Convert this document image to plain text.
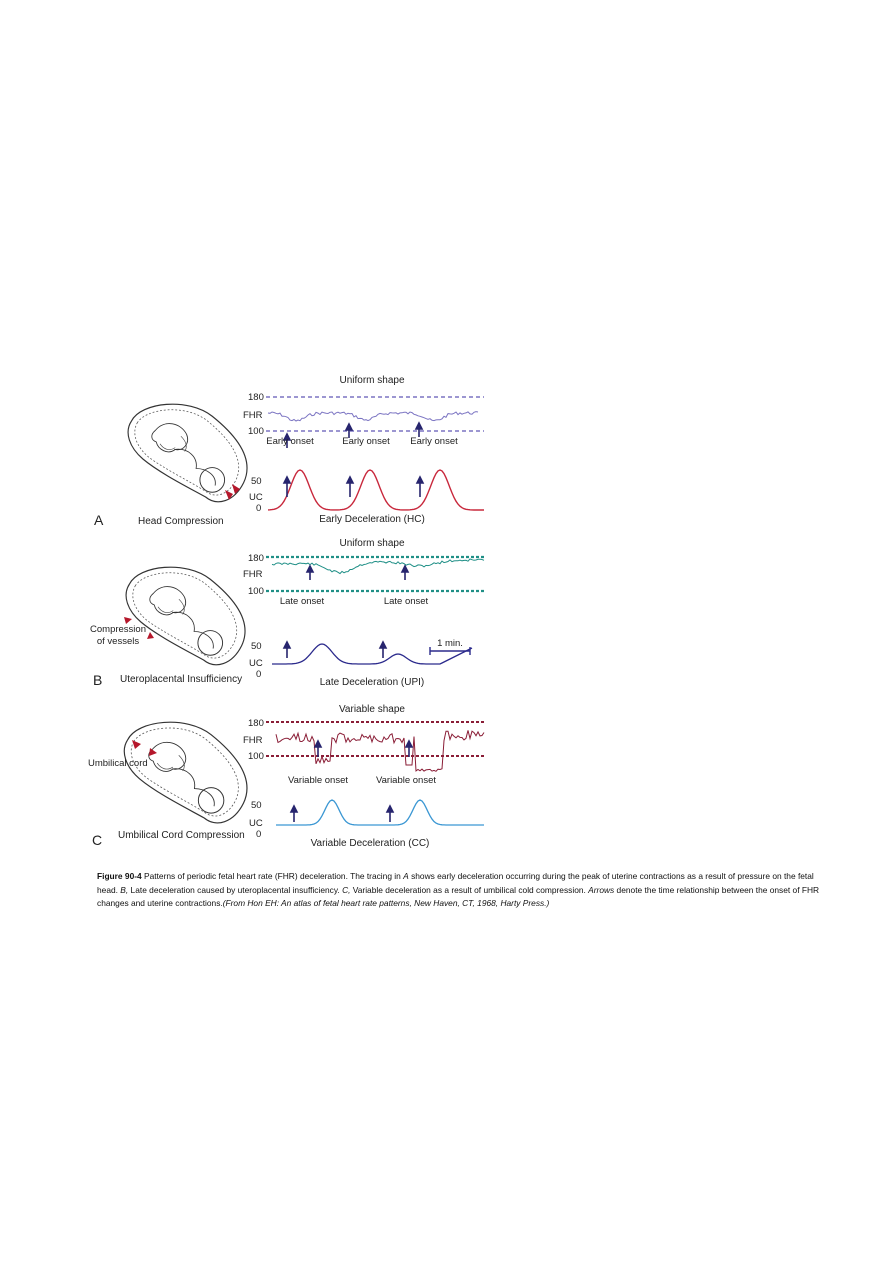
A	Head Compression
Uniform shape
180
FHR
100
Early onset	Early onset Early onset
50
UC
0
Early Deceleration (HC)
Compression
of vessels
B Uteroplacental Insufficiency
Uniform shape
180
FHR
100
Late onset	Late onset
50
UC
0
1 min.
Late Deceleration (UPI)
Umbilical cord
C Umbilical Cord Compression
Variable shape
180
FHR
100
Variable onset	Variable onset
50
UC
0
Variable Deceleration (CC)
Figure 90-4 Patterns of periodic fetal heart rate (FHR) deceleration. The tracing in A shows early deceleration occurring during the peak of uterine contractions as a result of pressure on the fetal head. B, Late deceleration caused by uteroplacental insufficiency. C, Variable deceleration as a result of umbilical cold compression. Arrows denote the time relationship between the onset of FHR changes and uterine contractions.(From Hon EH: An atlas of fetal heart rate patterns, New Haven, CT, 1968, Harty Press.)
